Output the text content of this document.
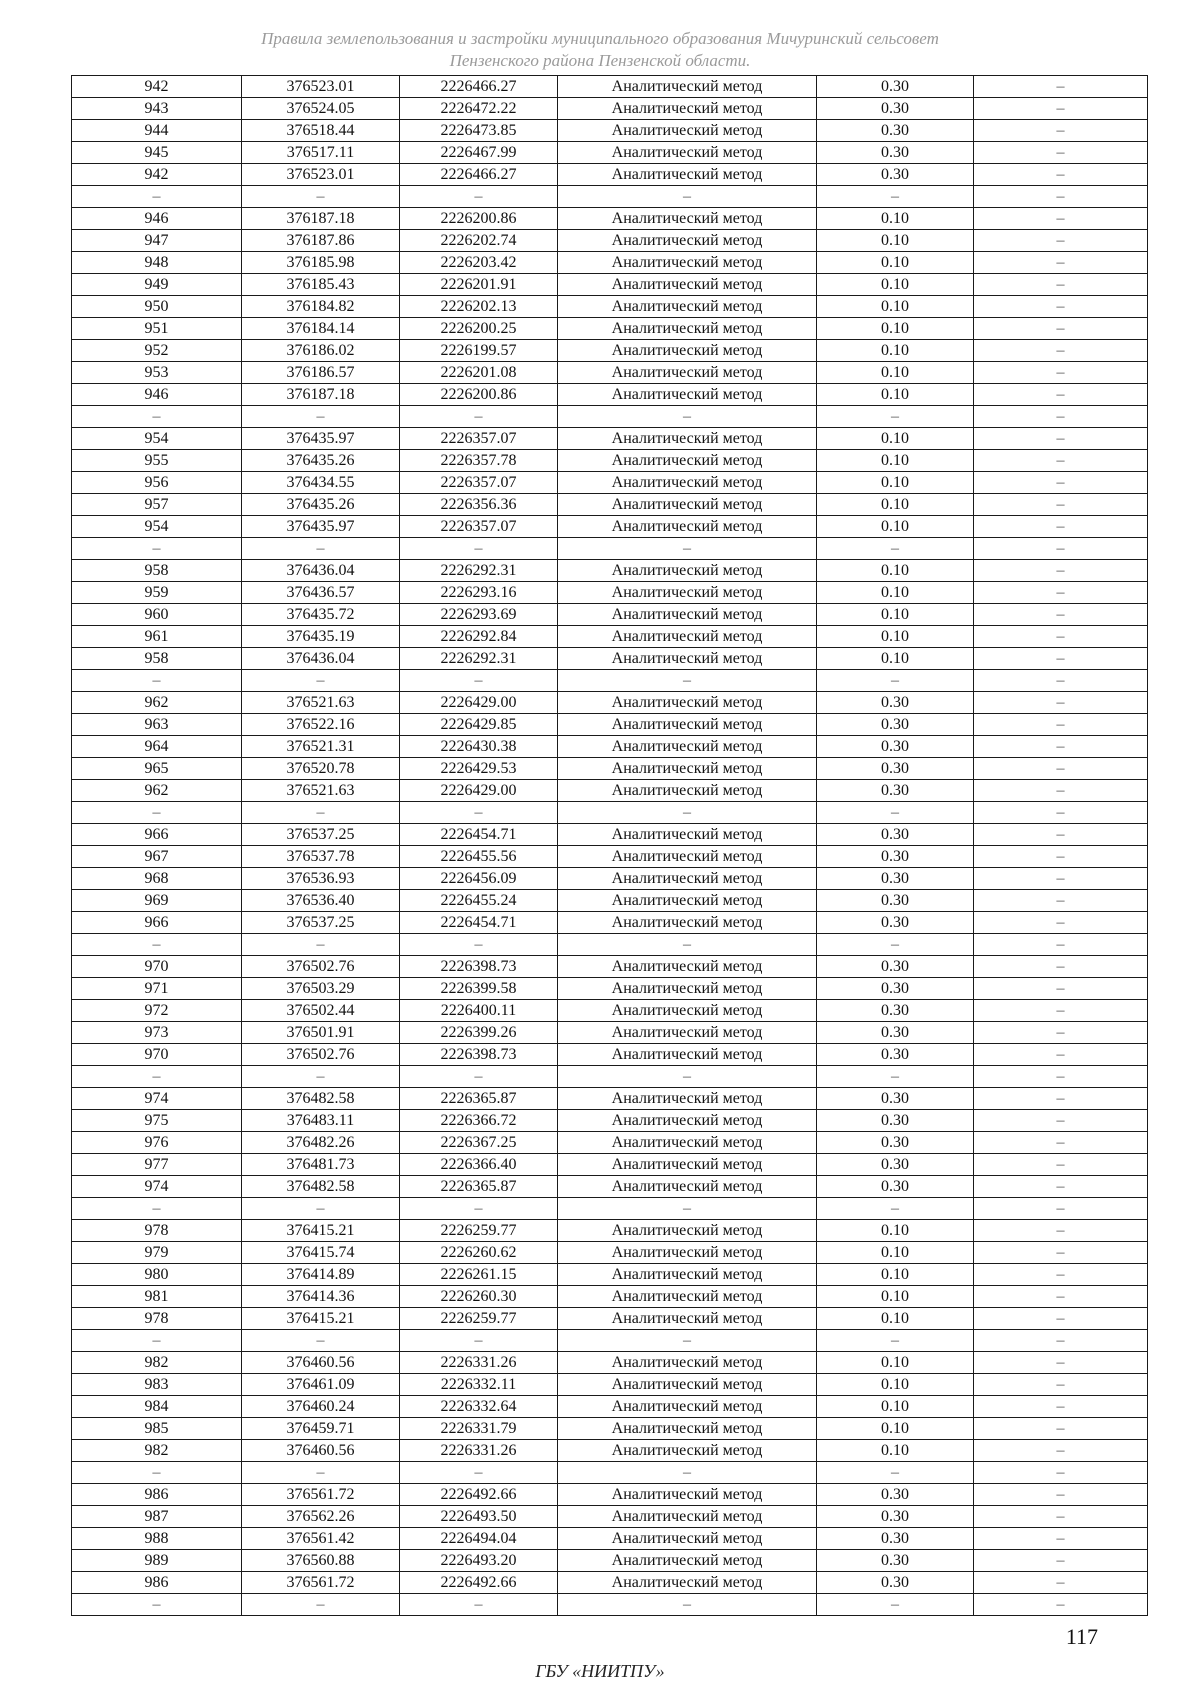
Правила землепользования и застройки муниципального образования Мичуринский сельсовет
Пензенского района Пензенской области.
942	376523.01	2226466.27	Аналитический метод	0.30	–
943	376524.05	2226472.22	Аналитический метод	0.30	–
944	376518.44	2226473.85	Аналитический метод	0.30	–
945	376517.11	2226467.99	Аналитический метод	0.30	–
942	376523.01	2226466.27	Аналитический метод	0.30	–
–	–	–	–	–	–
946	376187.18	2226200.86	Аналитический метод	0.10	–
947	376187.86	2226202.74	Аналитический метод	0.10	–
948	376185.98	2226203.42	Аналитический метод	0.10	–
949	376185.43	2226201.91	Аналитический метод	0.10	–
950	376184.82	2226202.13	Аналитический метод	0.10	–
951	376184.14	2226200.25	Аналитический метод	0.10	–
952	376186.02	2226199.57	Аналитический метод	0.10	–
953	376186.57	2226201.08	Аналитический метод	0.10	–
946	376187.18	2226200.86	Аналитический метод	0.10	–
–	–	–	–	–	–
954	376435.97	2226357.07	Аналитический метод	0.10	–
955	376435.26	2226357.78	Аналитический метод	0.10	–
956	376434.55	2226357.07	Аналитический метод	0.10	–
957	376435.26	2226356.36	Аналитический метод	0.10	–
954	376435.97	2226357.07	Аналитический метод	0.10	–
–	–	–	–	–	–
958	376436.04	2226292.31	Аналитический метод	0.10	–
959	376436.57	2226293.16	Аналитический метод	0.10	–
960	376435.72	2226293.69	Аналитический метод	0.10	–
961	376435.19	2226292.84	Аналитический метод	0.10	–
958	376436.04	2226292.31	Аналитический метод	0.10	–
–	–	–	–	–	–
962	376521.63	2226429.00	Аналитический метод	0.30	–
963	376522.16	2226429.85	Аналитический метод	0.30	–
964	376521.31	2226430.38	Аналитический метод	0.30	–
965	376520.78	2226429.53	Аналитический метод	0.30	–
962	376521.63	2226429.00	Аналитический метод	0.30	–
–	–	–	–	–	–
966	376537.25	2226454.71	Аналитический метод	0.30	–
967	376537.78	2226455.56	Аналитический метод	0.30	–
968	376536.93	2226456.09	Аналитический метод	0.30	–
969	376536.40	2226455.24	Аналитический метод	0.30	–
966	376537.25	2226454.71	Аналитический метод	0.30	–
–	–	–	–	–	–
970	376502.76	2226398.73	Аналитический метод	0.30	–
971	376503.29	2226399.58	Аналитический метод	0.30	–
972	376502.44	2226400.11	Аналитический метод	0.30	–
973	376501.91	2226399.26	Аналитический метод	0.30	–
970	376502.76	2226398.73	Аналитический метод	0.30	–
–	–	–	–	–	–
974	376482.58	2226365.87	Аналитический метод	0.30	–
975	376483.11	2226366.72	Аналитический метод	0.30	–
976	376482.26	2226367.25	Аналитический метод	0.30	–
977	376481.73	2226366.40	Аналитический метод	0.30	–
974	376482.58	2226365.87	Аналитический метод	0.30	–
–	–	–	–	–	–
978	376415.21	2226259.77	Аналитический метод	0.10	–
979	376415.74	2226260.62	Аналитический метод	0.10	–
980	376414.89	2226261.15	Аналитический метод	0.10	–
981	376414.36	2226260.30	Аналитический метод	0.10	–
978	376415.21	2226259.77	Аналитический метод	0.10	–
–	–	–	–	–	–
982	376460.56	2226331.26	Аналитический метод	0.10	–
983	376461.09	2226332.11	Аналитический метод	0.10	–
984	376460.24	2226332.64	Аналитический метод	0.10	–
985	376459.71	2226331.79	Аналитический метод	0.10	–
982	376460.56	2226331.26	Аналитический метод	0.10	–
–	–	–	–	–	–
986	376561.72	2226492.66	Аналитический метод	0.30	–
987	376562.26	2226493.50	Аналитический метод	0.30	–
988	376561.42	2226494.04	Аналитический метод	0.30	–
989	376560.88	2226493.20	Аналитический метод	0.30	–
986	376561.72	2226492.66	Аналитический метод	0.30	–
–	–	–	–	–	–
117
ГБУ «НИИТПУ»
